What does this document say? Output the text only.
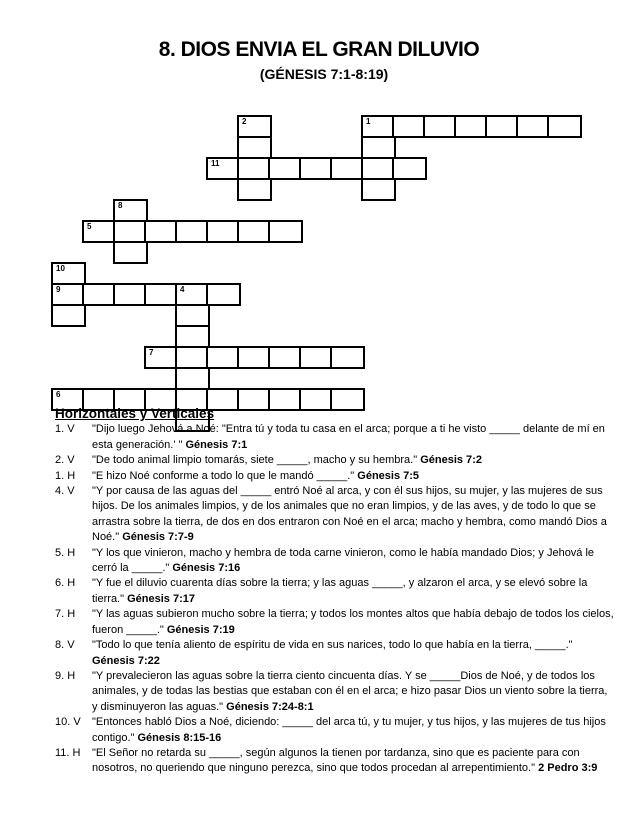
8. DIOS ENVIA EL GRAN DILUVIO
(GÉNESIS 7:1-8:19)
2	1
11
8
5
10
9	4
7
6
Horizontales y Verticales
1. V	"Dijo luego Jehová a Noé: "Entra tú y toda tu casa en el arca; porque a ti he visto _____ delante de mí en esta generación.' " Génesis 7:1
2. V	"De todo animal limpio tomarás, siete _____, macho y su hembra." Génesis 7:2
1. H	"E hizo Noé conforme a todo lo que le mandó _____." Génesis 7:5
4. V	"Y por causa de las aguas del _____ entró Noé al arca, y con él sus hijos, su mujer, y las mujeres de sus hijos. De los animales limpios, y de los animales que no eran limpios, y de las aves, y de todo lo que se arrastra sobre la tierra, de dos en dos entraron con Noé en el arca; macho y hembra, como mandó Dios a Noé." Génesis 7:7-9
5. H	"Y los que vinieron, macho y hembra de toda carne vinieron, como le había mandado Dios; y Jehová le cerró la _____." Génesis 7:16
6. H	"Y fue el diluvio cuarenta días sobre la tierra; y las aguas _____, y alzaron el arca, y se elevó sobre la tierra." Génesis 7:17
7. H	"Y las aguas subieron mucho sobre la tierra; y todos los montes altos que había debajo de todos los cielos, fueron _____." Génesis 7:19
8. V	"Todo lo que tenía aliento de espíritu de vida en sus narices, todo lo que había en la tierra, _____." Génesis 7:22
9. H	"Y prevalecieron las aguas sobre la tierra ciento cincuenta días. Y se _____Dios de Noé, y de todos los animales, y de todas las bestias que estaban con él en el arca; e hizo pasar Dios un viento sobre la tierra, y disminuyeron las aguas." Génesis 7:24-8:1
10. V	"Entonces habló Dios a Noé, diciendo: _____ del arca tú, y tu mujer, y tus hijos, y las mujeres de tus hijos contigo." Génesis 8:15-16
11. H	"El Señor no retarda su _____, según algunos la tienen por tardanza, sino que es paciente para con nosotros, no queriendo que ninguno perezca, sino que todos procedan al arrepentimiento." 2 Pedro 3:9
